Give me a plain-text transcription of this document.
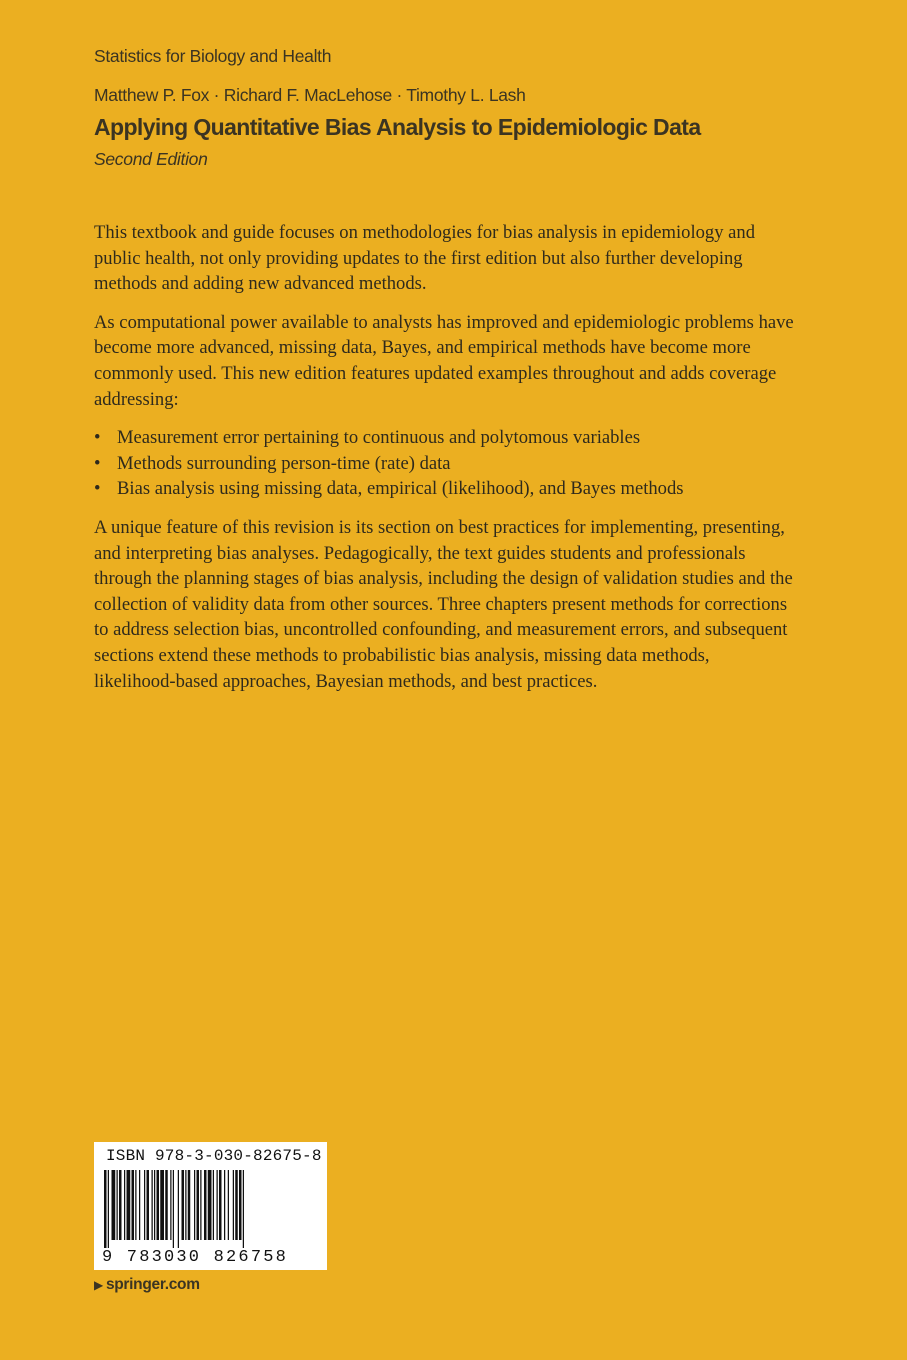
Statistics for Biology and Health
Matthew P. Fox · Richard F. MacLehose · Timothy L. Lash
Applying Quantitative Bias Analysis to Epidemiologic Data
Second Edition

This textbook and guide focuses on methodologies for bias analysis in epidemiology and public health, not only providing updates to the first edition but also further developing methods and adding new advanced methods.

As computational power available to analysts has improved and epidemiologic problems have become more advanced, missing data, Bayes, and empirical methods have become more commonly used. This new edition features updated examples throughout and adds coverage addressing:

• Measurement error pertaining to continuous and polytomous variables
• Methods surrounding person-time (rate) data
• Bias analysis using missing data, empirical (likelihood), and Bayes methods

A unique feature of this revision is its section on best practices for implementing, presenting, and interpreting bias analyses. Pedagogically, the text guides students and professionals through the planning stages of bias analysis, including the design of validation studies and the collection of validity data from other sources. Three chapters present methods for corrections to address selection bias, uncontrolled confounding, and measurement errors, and subsequent sections extend these methods to probabilistic bias analysis, missing data methods, likelihood-based approaches, Bayesian methods, and best practices.

ISBN 978-3-030-82675-8
9 783030 826758
▶ springer.com
